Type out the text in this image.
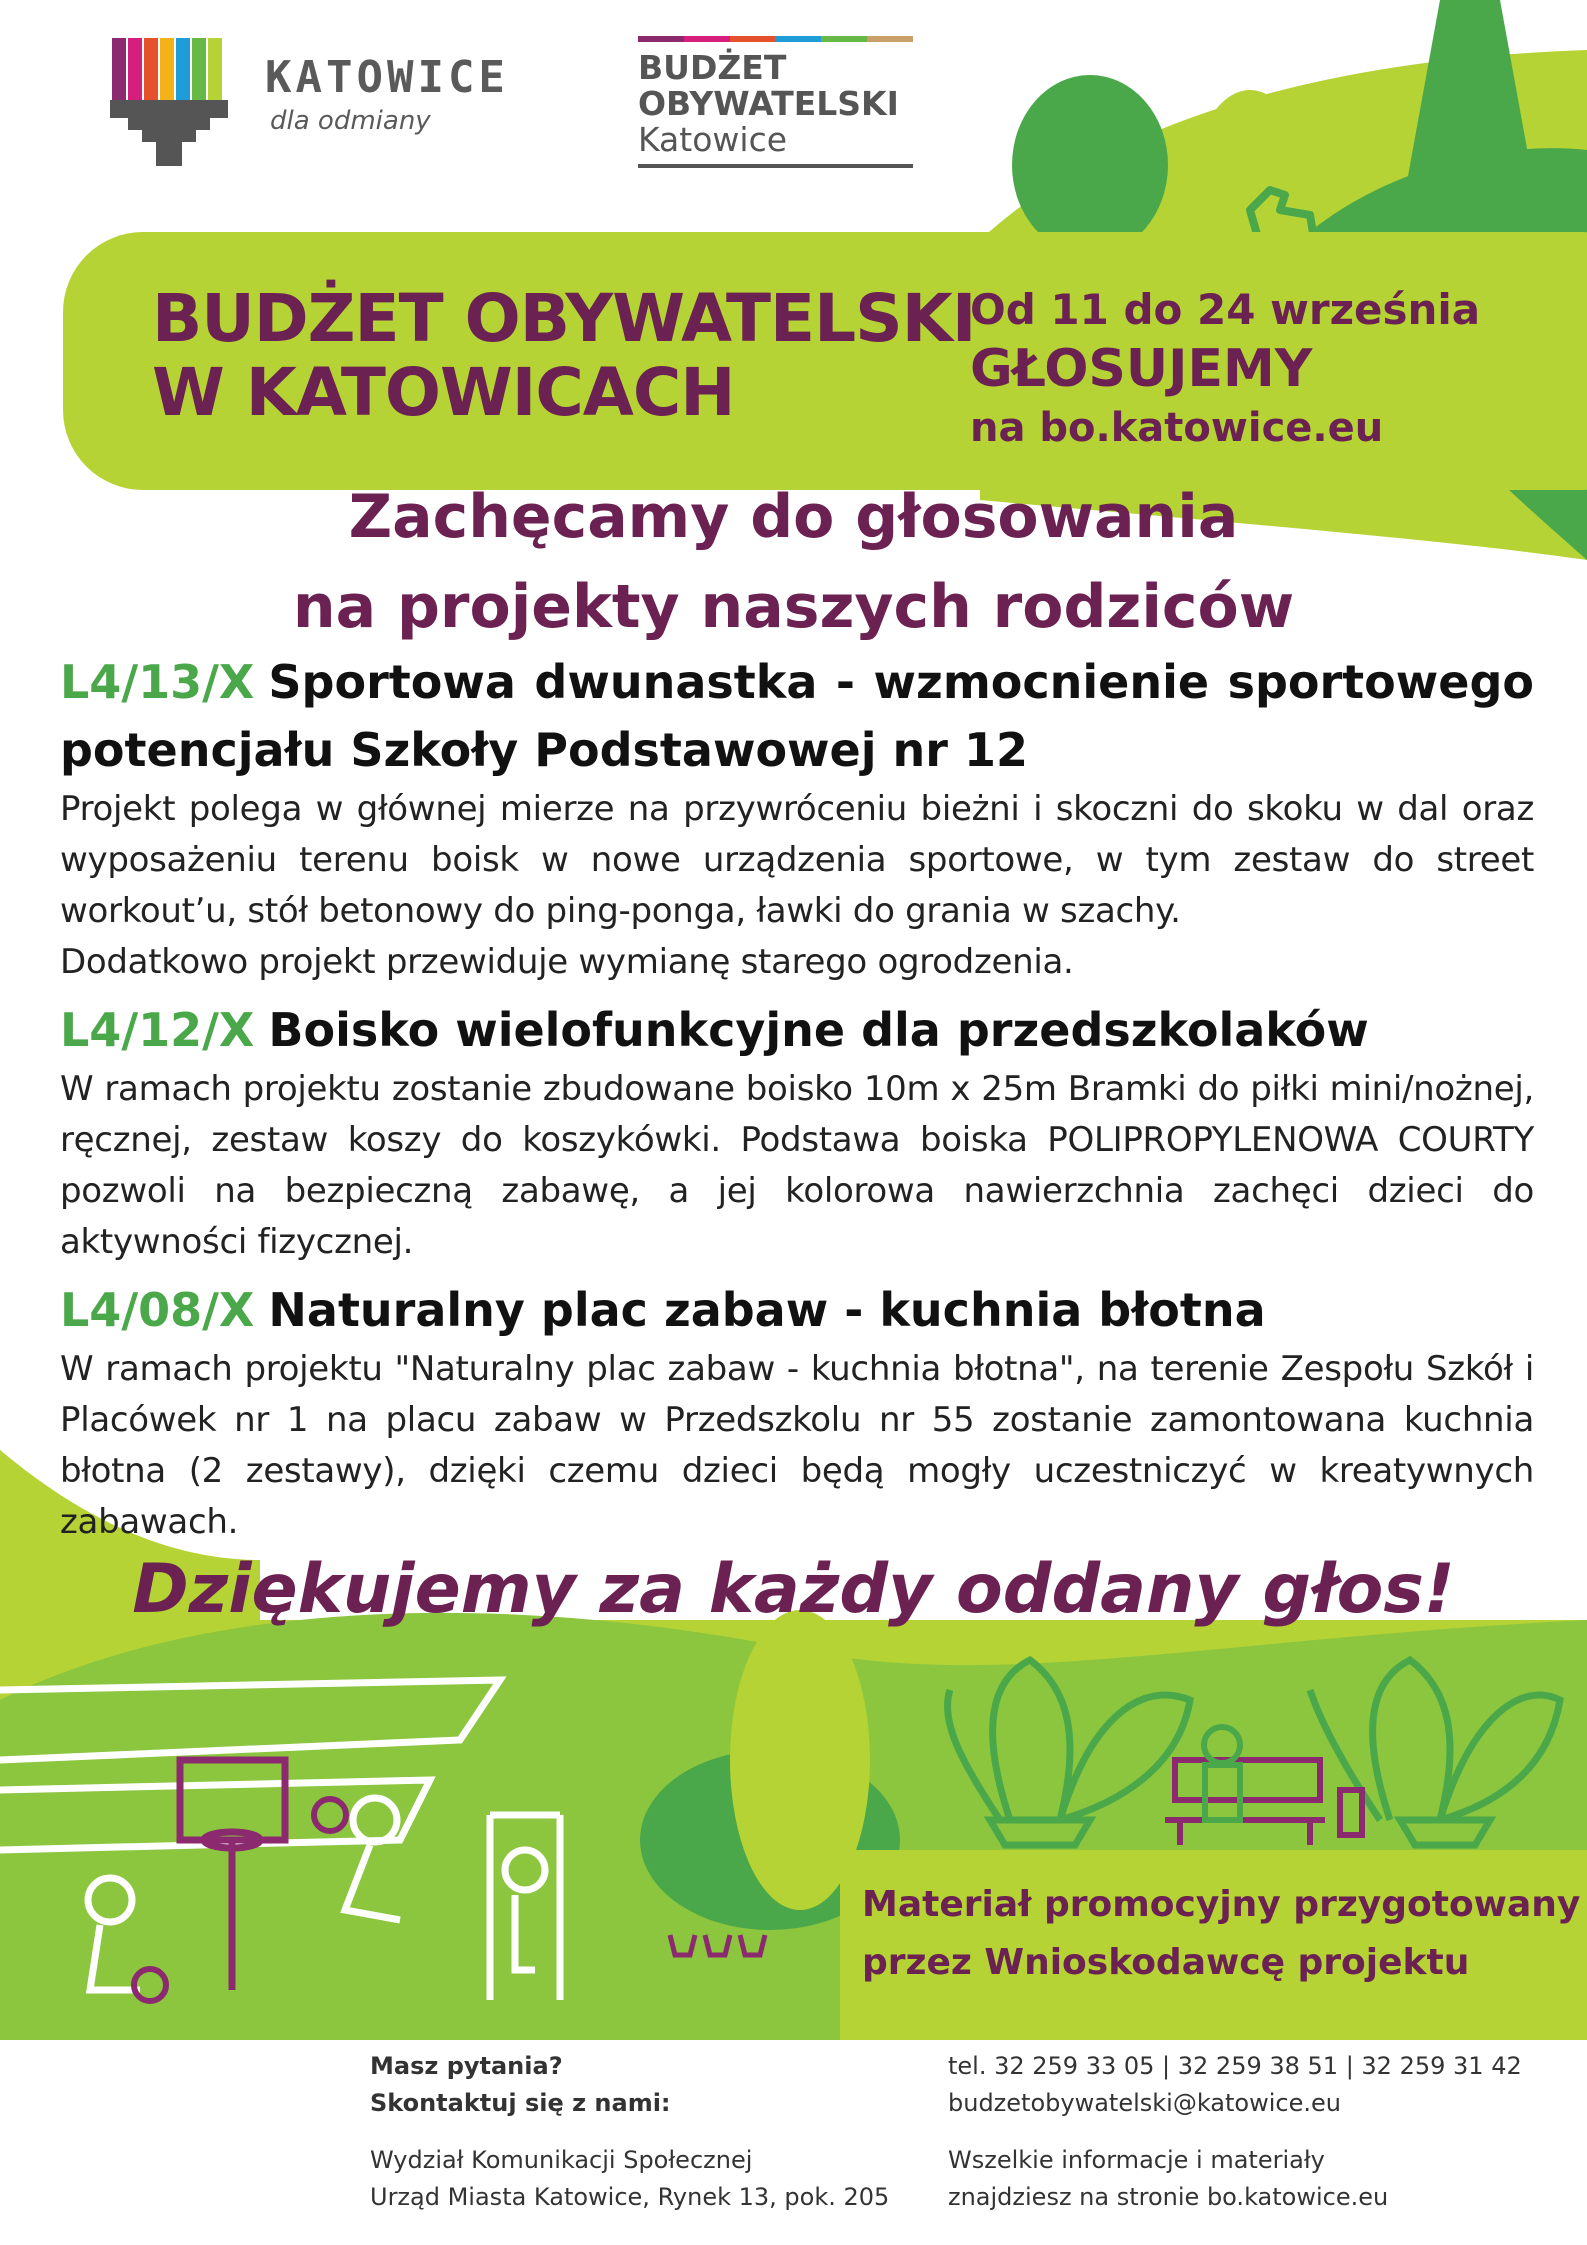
KATOWICE
dla odmiany
BUDŻET
OBYWATELSKI
Katowice
BUDŻET OBYWATELSKI
W KATOWICACH
Od 11 do 24 września
GŁOSUJEMY
na bo.katowice.eu
Zachęcamy do głosowania
na projekty naszych rodziców
L4/13/X Sportowa dwunastka - wzmocnienie sportowego potencjału Szkoły Podstawowej nr 12
Projekt polega w głównej mierze na przywróceniu bieżni i skoczni do skoku w dal oraz wyposażeniu terenu boisk w nowe urządzenia sportowe, w tym zestaw do street workout’u, stół betonowy do ping-ponga, ławki do grania w szachy.
Dodatkowo projekt przewiduje wymianę starego ogrodzenia.
L4/12/X Boisko wielofunkcyjne dla przedszkolaków
W ramach projektu zostanie zbudowane boisko 10m x 25m Bramki do piłki mini/nożnej, ręcznej, zestaw koszy do koszykówki. Podstawa boiska POLIPROPYLENOWA COURTY pozwoli na bezpieczną zabawę, a jej kolorowa nawierzchnia zachęci dzieci do aktywności fizycznej.
L4/08/X Naturalny plac zabaw - kuchnia błotna
W ramach projektu "Naturalny plac zabaw - kuchnia błotna", na terenie Zespołu Szkół i Placówek nr 1 na placu zabaw w Przedszkolu nr 55 zostanie zamontowana kuchnia błotna (2 zestawy), dzięki czemu dzieci będą mogły uczestniczyć w kreatywnych zabawach.
Dziękujemy za każdy oddany głos!
Materiał promocyjny przygotowany
przez Wnioskodawcę projektu
Masz pytania?
Skontaktuj się z nami:
Wydział Komunikacji Społecznej
Urząd Miasta Katowice, Rynek 13, pok. 205
tel. 32 259 33 05 | 32 259 38 51 | 32 259 31 42
budzetobywatelski@katowice.eu
Wszelkie informacje i materiały
znajdziesz na stronie bo.katowice.eu
